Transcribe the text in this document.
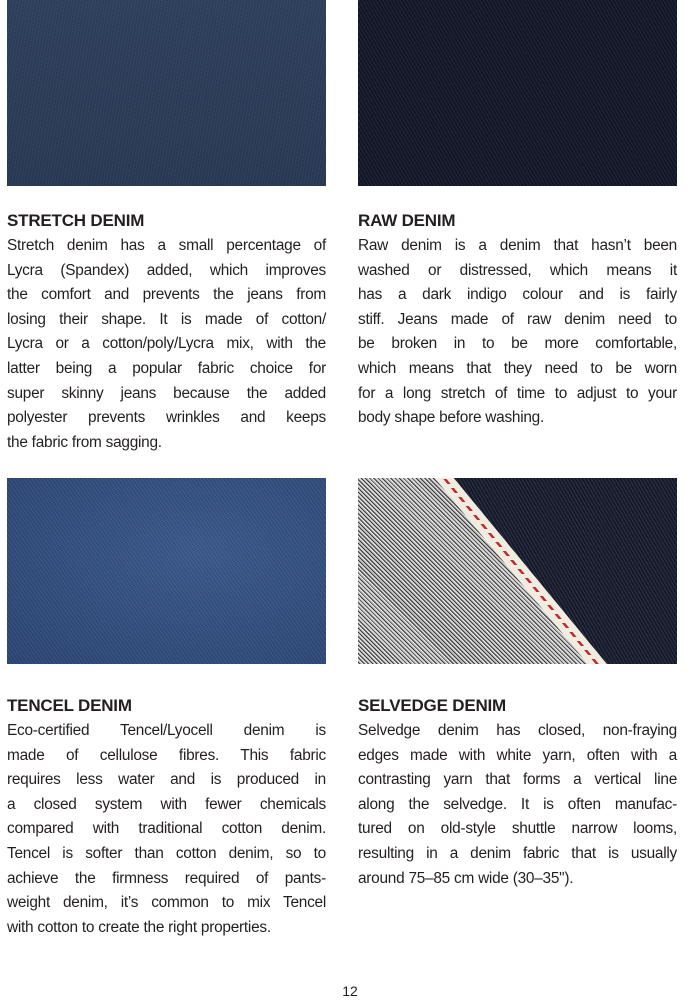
STRETCH DENIM
Stretch denim has a small percentage of
Lycra (Spandex) added, which improves
the comfort and prevents the jeans from
losing their shape. It is made of cotton/
Lycra or a cotton/poly/Lycra mix, with the
latter being a popular fabric choice for
super skinny jeans because the added
polyester prevents wrinkles and keeps
the fabric from sagging.
RAW DENIM
Raw denim is a denim that hasn’t been
washed or distressed, which means it
has a dark indigo colour and is fairly
stiff. Jeans made of raw denim need to
be broken in to be more comfortable,
which means that they need to be worn
for a long stretch of time to adjust to your
body shape before washing.
TENCEL DENIM
Eco-certified Tencel/Lyocell denim is
made of cellulose fibres. This fabric
requires less water and is produced in
a closed system with fewer chemicals
compared with traditional cotton denim.
Tencel is softer than cotton denim, so to
achieve the firmness required of pants-
weight denim, it’s common to mix Tencel
with cotton to create the right properties.
SELVEDGE DENIM
Selvedge denim has closed, non-fraying
edges made with white yarn, often with a
contrasting yarn that forms a vertical line
along the selvedge. It is often manufac-
tured on old-style shuttle narrow looms,
resulting in a denim fabric that is usually
around 75–85 cm wide (30–35").
12
